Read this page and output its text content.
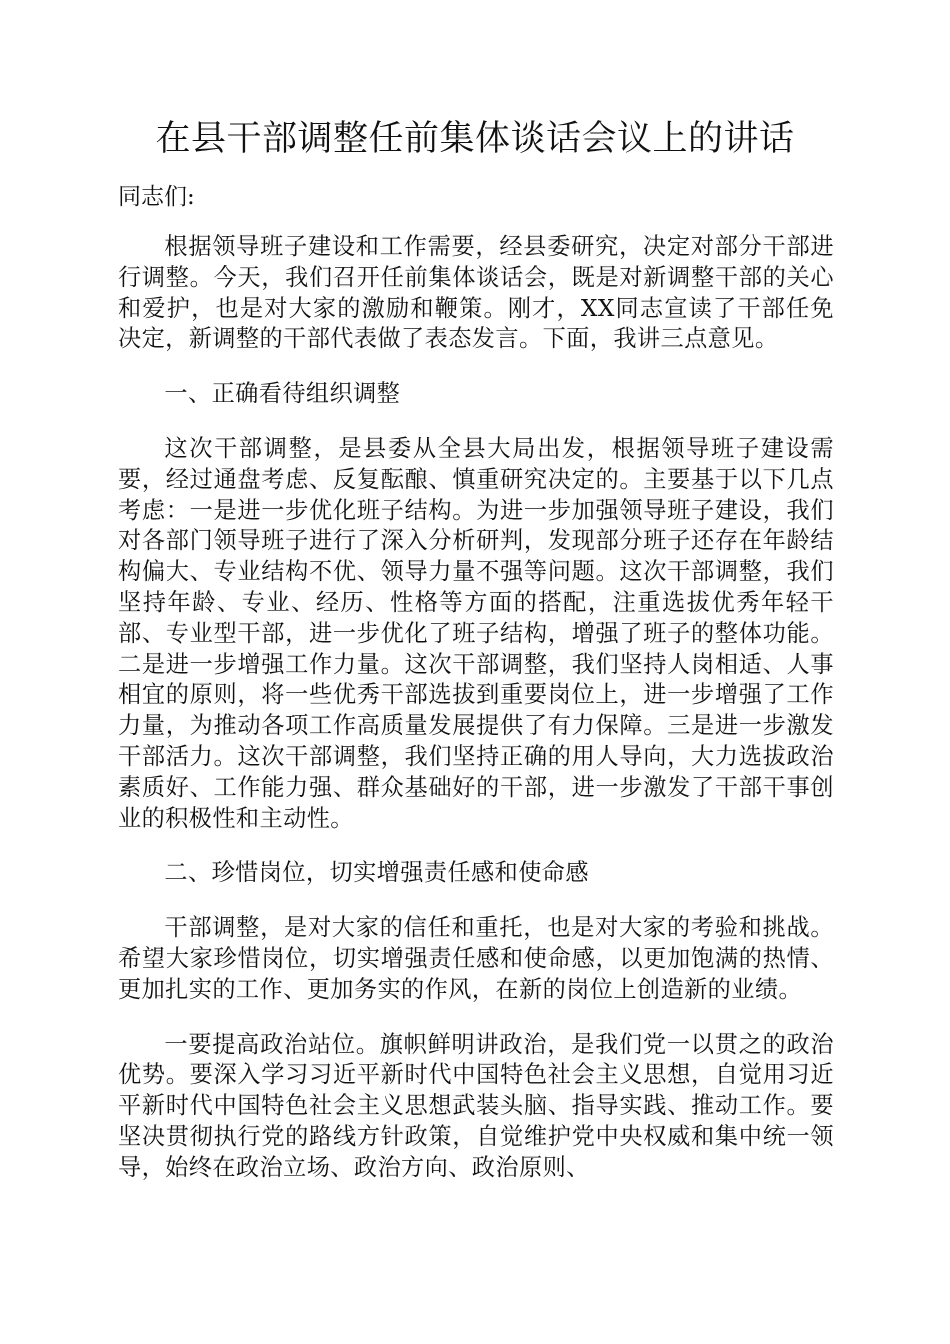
在县干部调整任前集体谈话会议上的讲话
同志们:

根据领导班子建设和工作需要，经县委研究，决定对部分干部进行调整。今天，我们召开任前集体谈话会，既是对新调整干部的关心和爱护，也是对大家的激励和鞭策。刚才，XX同志宣读了干部任免决定，新调整的干部代表做了表态发言。下面，我讲三点意见。

一、正确看待组织调整

这次干部调整，是县委从全县大局出发，根据领导班子建设需要，经过通盘考虑、反复酝酿、慎重研究决定的。主要基于以下几点考虑：一是进一步优化班子结构。为进一步加强领导班子建设，我们对各部门领导班子进行了深入分析研判，发现部分班子还存在年龄结构偏大、专业结构不优、领导力量不强等问题。这次干部调整，我们坚持年龄、专业、经历、性格等方面的搭配，注重选拔优秀年轻干部、专业型干部，进一步优化了班子结构，增强了班子的整体功能。二是进一步增强工作力量。这次干部调整，我们坚持人岗相适、人事相宜的原则，将一些优秀干部选拔到重要岗位上，进一步增强了工作力量，为推动各项工作高质量发展提供了有力保障。三是进一步激发干部活力。这次干部调整，我们坚持正确的用人导向，大力选拔政治素质好、工作能力强、群众基础好的干部，进一步激发了干部干事创业的积极性和主动性。

二、珍惜岗位，切实增强责任感和使命感

干部调整，是对大家的信任和重托，也是对大家的考验和挑战。希望大家珍惜岗位，切实增强责任感和使命感，以更加饱满的热情、更加扎实的工作、更加务实的作风，在新的岗位上创造新的业绩。

一要提高政治站位。旗帜鲜明讲政治，是我们党一以贯之的政治优势。要深入学习习近平新时代中国特色社会主义思想，自觉用习近平新时代中国特色社会主义思想武装头脑、指导实践、推动工作。要坚决贯彻执行党的路线方针政策，自觉维护党中央权威和集中统一领导，始终在政治立场、政治方向、政治原则、
